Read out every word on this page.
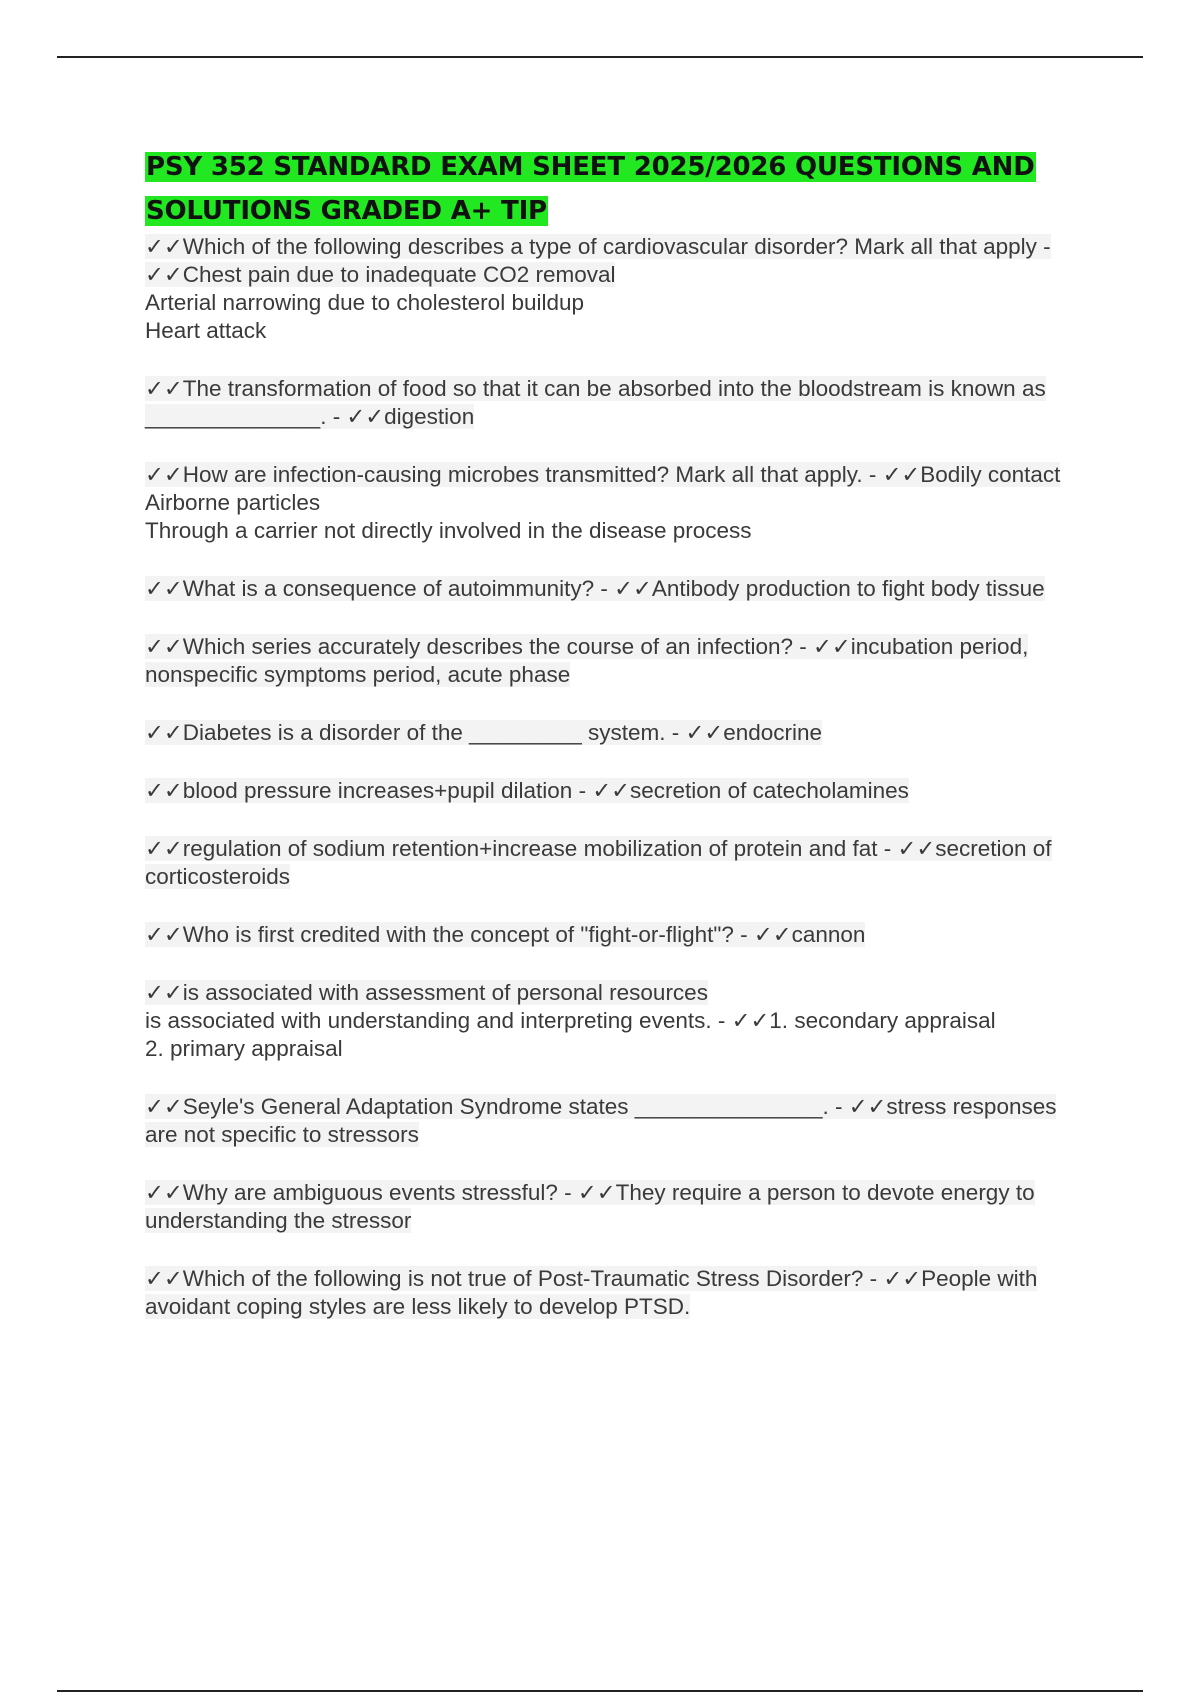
PSY 352 STANDARD EXAM SHEET 2025/2026 QUESTIONS AND SOLUTIONS GRADED A+ TIP

✓✓Which of the following describes a type of cardiovascular disorder? Mark all that apply - ✓✓Chest pain due to inadequate CO2 removal
Arterial narrowing due to cholesterol buildup
Heart attack

✓✓The transformation of food so that it can be absorbed into the bloodstream is known as ______________. - ✓✓digestion

✓✓How are infection-causing microbes transmitted? Mark all that apply. - ✓✓Bodily contact
Airborne particles
Through a carrier not directly involved in the disease process

✓✓What is a consequence of autoimmunity? - ✓✓Antibody production to fight body tissue

✓✓Which series accurately describes the course of an infection? - ✓✓incubation period, nonspecific symptoms period, acute phase

✓✓Diabetes is a disorder of the _________ system. - ✓✓endocrine

✓✓blood pressure increases+pupil dilation - ✓✓secretion of catecholamines

✓✓regulation of sodium retention+increase mobilization of protein and fat - ✓✓secretion of corticosteroids

✓✓Who is first credited with the concept of "fight-or-flight"? - ✓✓cannon

✓✓is associated with assessment of personal resources
is associated with understanding and interpreting events. - ✓✓1. secondary appraisal
2. primary appraisal

✓✓Seyle's General Adaptation Syndrome states _______________. - ✓✓stress responses are not specific to stressors

✓✓Why are ambiguous events stressful? - ✓✓They require a person to devote energy to understanding the stressor

✓✓Which of the following is not true of Post-Traumatic Stress Disorder? - ✓✓People with avoidant coping styles are less likely to develop PTSD.
